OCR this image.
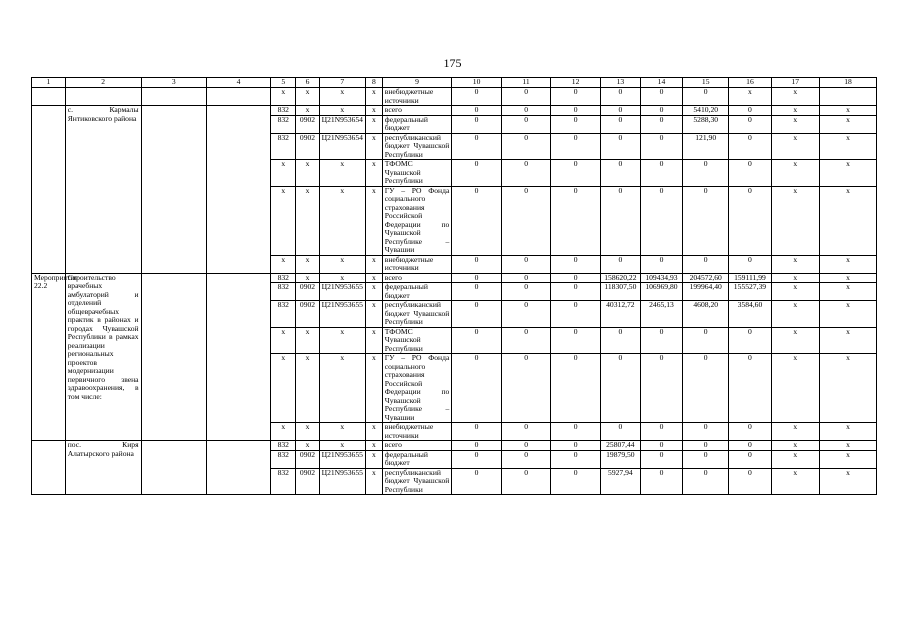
175
1	2	3	4	5	6	7	8	9	10	11	12	13	14	15	16	17	18
				x	x	x	x	внебюджетные источники	0	0	0	0	0	0	x	x	
	с. Кармалы Янтиковского района			832	x	x	x	всего	0	0	0	0	0	5410,20	0	x	x
				832	0902	Ц21N953654	x	федеральный бюджет	0	0	0	0	0	5288,30	0	x	x
				832	0902	Ц21N953654	x	республиканский бюджет Чувашской Республики	0	0	0	0	0	121,90	0	x	x
				x	x	x	x	ТФОМС Чувашской Республики	0	0	0	0	0	0	0	x	x
				x	x	x	x	ГУ – РО Фонда социального страхования Российской Федерации по Чувашской Республике – Чувашии	0	0	0	0	0	0	0	x	x
				x	x	x	x	внебюджетные источники	0	0	0	0	0	0	0	x	x
Мероприятие 22.2	Строительство врачебных амбулаторий и отделений общеврачебных практик в районах и городах Чувашской Республики в рамках реализации региональных проектов модернизации первичного звена здравоохранения, в том числе:			832	x	x	x	всего	0	0	0	158620,22	109434,93	204572,60	159111,99	x	x
				832	0902	Ц21N953655	x	федеральный бюджет	0	0	0	118307,50	106969,80	199964,40	155527,39	x	x
				832	0902	Ц21N953655	x	республиканский бюджет Чувашской Республики	0	0	0	40312,72	2465,13	4608,20	3584,60	x	x
				x	x	x	x	ТФОМС Чувашской Республики	0	0	0	0	0	0	0	x	x
				x	x	x	x	ГУ – РО Фонда социального страхования Российской Федерации по Чувашской Республике – Чувашии	0	0	0	0	0	0	0	x	x
				x	x	x	x	внебюджетные источники	0	0	0	0	0	0	0	x	x
	пос. Киря Алатырского района			832	x	x	x	всего	0	0	0	25807,44	0	0	0	x	x
				832	0902	Ц21N953655	x	федеральный бюджет	0	0	0	19879,50	0	0	0	x	x
				832	0902	Ц21N953655	x	республиканский бюджет Чувашской Республики	0	0	0	5927,94	0	0	0	x	x
